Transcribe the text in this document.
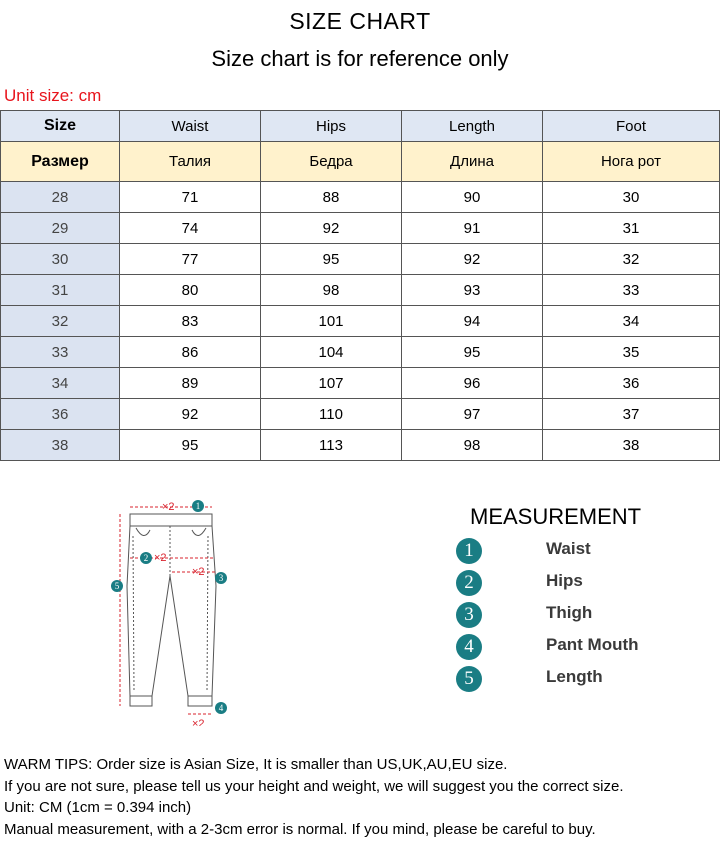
SIZE CHART
Size chart is for reference only
Unit size: cm
Size	Waist	Hips	Length	Foot
Размер	Талия	Бедра	Длина	Нога рот
28	71	88	90	30
29	74	92	91	31
30	77	95	92	32
31	80	98	93	33
32	83	101	94	34
33	86	104	95	35
34	89	107	96	36
36	92	110	97	37
38	95	113	98	38
×2
×2
×2
×2
1
2
3
4
5
MEASUREMENT
1	Waist
2	Hips
3	Thigh
4	Pant Mouth
5	Length
WARM TIPS: Order size is Asian Size, It is smaller than US,UK,AU,EU size.
If you are not sure, please tell us your height and weight, we will suggest you the correct size.
Unit: CM (1cm = 0.394 inch)
Manual measurement, with a 2-3cm error is normal. If you mind, please be careful to buy.
